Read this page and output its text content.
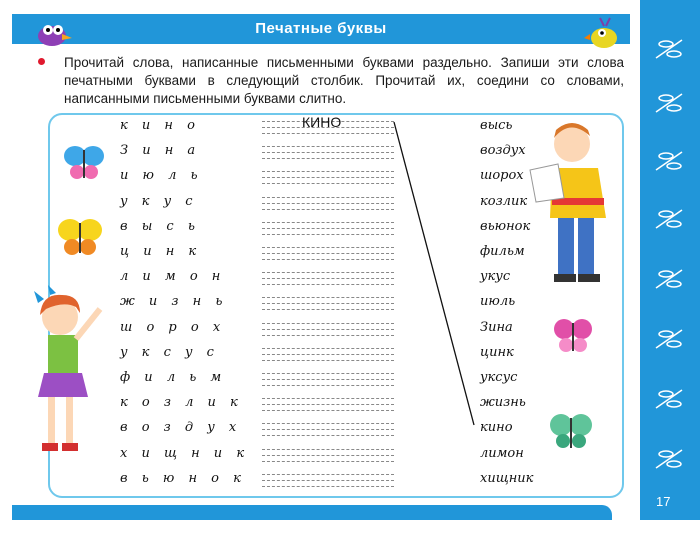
Печатные буквы
Прочитай слова, написанные письменными буквами раздельно. Запиши эти слова печатными буквами в следующий столбик. Прочитай их, соедини со словами, написанными письменными буквами слитно.
к и н о
З и н а
и ю л ь
у к у с
в ы с ь
ц и н к
л и м о н
ж и з н ь
ш о р о х
у к с у с
ф и л ь м
к о з л и к
в о з д у х
х и щ н и к
в ь ю н о к
высь
воздух
шорох
козлик
вьюнок
фильм
укус
июль
Зина
цинк
уксус
жизнь
кино
лимон
хищник
КИНО
17
